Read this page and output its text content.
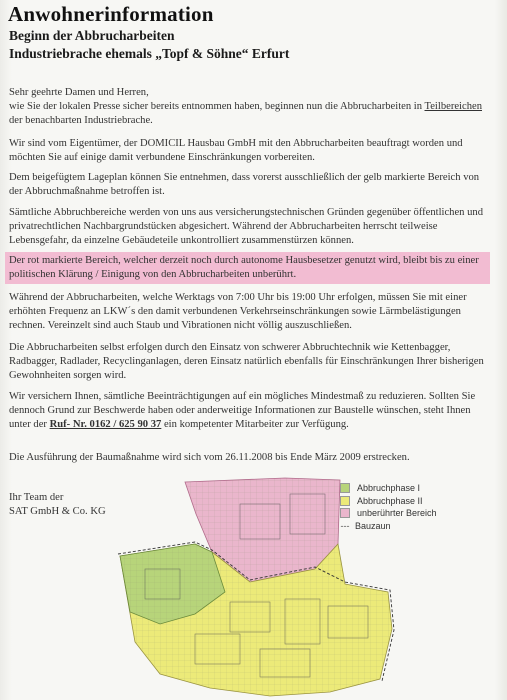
Anwohnerinformation
Beginn der Abbrucharbeiten
Industriebrache ehemals „Topf & Söhne“ Erfurt

Sehr geehrte Damen und Herren,

wie Sie der lokalen Presse sicher bereits entnommen haben, beginnen nun die Abbrucharbeiten in Teilbereichen der benachbarten Industriebrache.

Wir sind vom Eigentümer, der DOMICIL Hausbau GmbH mit den Abbrucharbeiten beauftragt worden und möchten Sie auf einige damit verbundene Einschränkungen vorbereiten.

Dem beigefügtem Lageplan können Sie entnehmen, dass vorerst ausschließlich der gelb markierte Bereich von der Abbruchmaßnahme betroffen ist.

Sämtliche Abbruchbereiche werden von uns aus versicherungstechnischen Gründen gegenüber öffentlichen und privatrechtlichen Nachbargrundstücken abgesichert. Während der Abbrucharbeiten herrscht teilweise Lebensgefahr, da einzelne Gebäudeteile unkontrolliert zusammenstürzen können.

Der rot markierte Bereich, welcher derzeit noch durch autonome Hausbesetzer genutzt wird, bleibt bis zu einer politischen Klärung / Einigung von den Abbrucharbeiten unberührt.

Während der Abbrucharbeiten, welche Werktags von 7:00 Uhr bis 19:00 Uhr erfolgen, müssen Sie mit einer erhöhten Frequenz an LKW´s den damit verbundenen Verkehrseinschränkungen sowie Lärmbelästigungen rechnen. Vereinzelt sind auch Staub und Vibrationen nicht völlig auszuschließen.

Die Abbrucharbeiten selbst erfolgen durch den Einsatz von schwerer Abbruchtechnik wie Kettenbagger, Radbagger, Radlader, Recyclinganlagen, deren Einsatz natürlich ebenfalls für Einschränkungen Ihrer bisherigen Gewohnheiten sorgen wird.

Wir versichern Ihnen, sämtliche Beeinträchtigungen auf ein mögliches Mindestmaß zu reduzieren. Sollten Sie dennoch Grund zur Beschwerde haben oder anderweitige Informationen zur Baustelle wünschen, steht Ihnen unter der Ruf- Nr. 0162 / 625 90 37 ein kompetenter Mitarbeiter zur Verfügung.

Die Ausführung der Baumaßnahme wird sich vom 26.11.2008 bis Ende März 2009 erstrecken.

Ihr Team der
SAT GmbH & Co. KG

Abbruchphase I
Abbruchphase II
unberührter Bereich
--- Bauzaun
